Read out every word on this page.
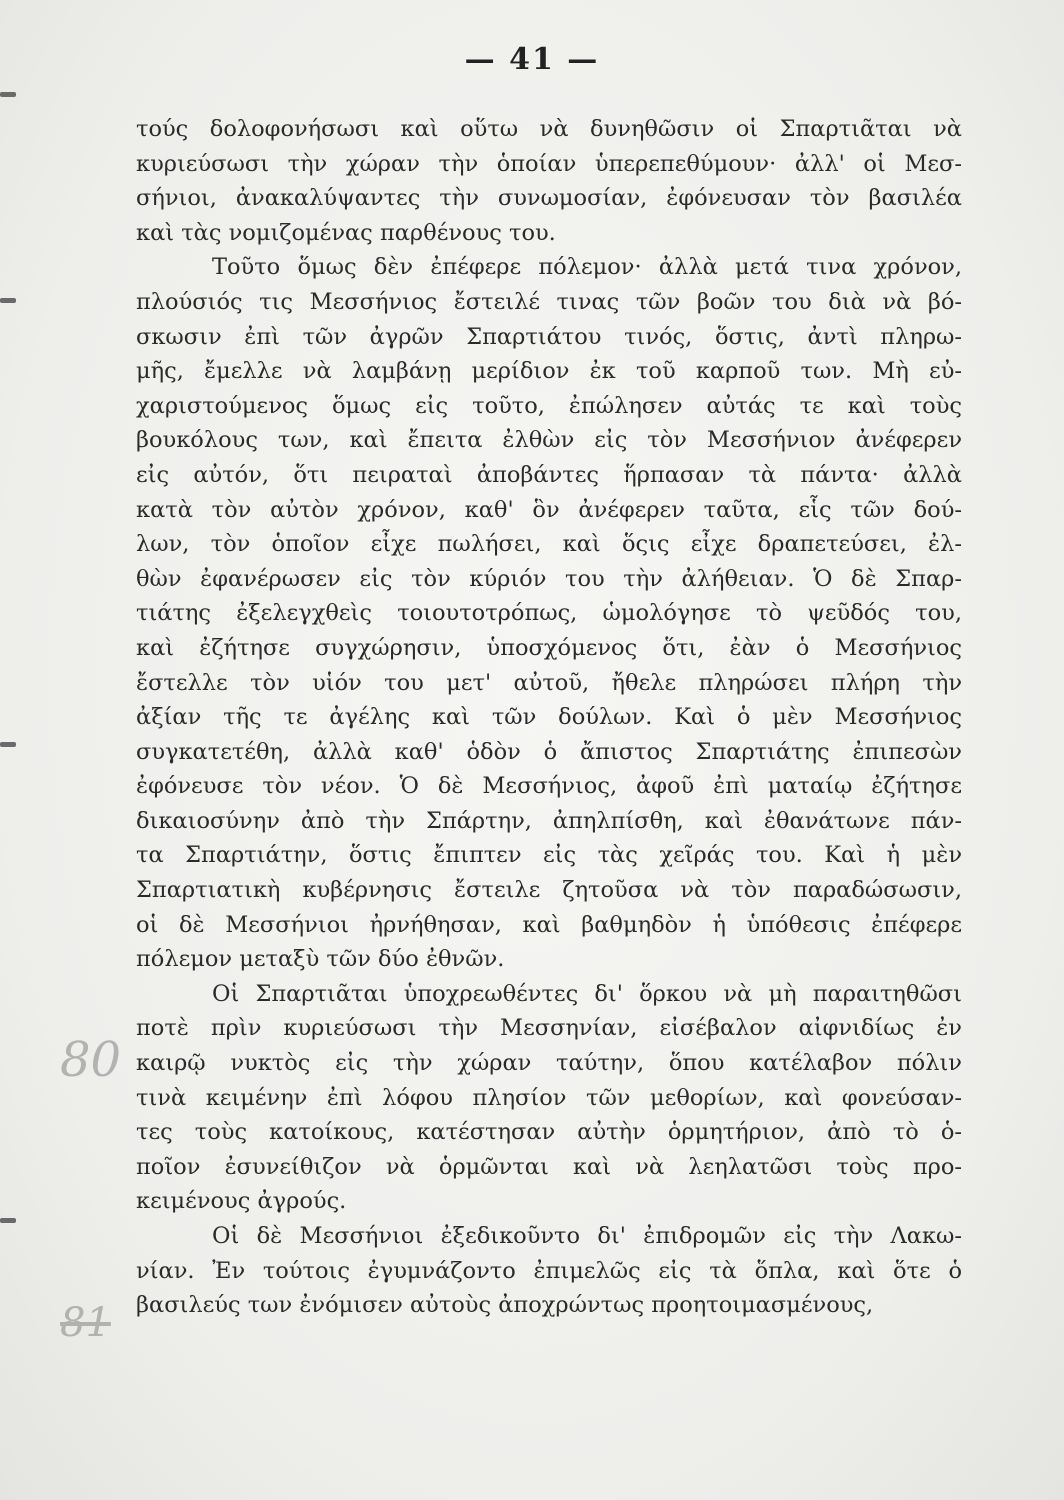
— 41 —
80
81
τούς δολοφονήσωσι καὶ οὕτω νὰ δυνηθῶσιν οἱ Σπαρτιᾶται νὰ
κυριεύσωσι τὴν χώραν τὴν ὁποίαν ὑπερεπεθύμουν· ἀλλ' οἱ Μεσ-
σήνιοι, ἀνακαλύψαντες τὴν συνωμοσίαν, ἐφόνευσαν τὸν βασιλέα
καὶ τὰς νομιζομένας παρθένους του.
Τοῦτο ὅμως δὲν ἐπέφερε πόλεμον· ἀλλὰ μετά τινα χρόνον,
πλούσιός τις Μεσσήνιος ἔστειλέ τινας τῶν βοῶν του διὰ νὰ βό-
σκωσιν ἐπὶ τῶν ἀγρῶν Σπαρτιάτου τινός, ὅστις, ἀντὶ πληρω-
μῆς, ἔμελλε νὰ λαμβάνῃ μερίδιον ἐκ τοῦ καρποῦ των. Μὴ εὐ-
χαριστούμενος ὅμως εἰς τοῦτο, ἐπώλησεν αὐτάς τε καὶ τοὺς
βουκόλους των, καὶ ἔπειτα ἐλθὼν εἰς τὸν Μεσσήνιον ἀνέφερεν
εἰς αὐτόν, ὅτι πειραταὶ ἀποβάντες ἥρπασαν τὰ πάντα· ἀλλὰ
κατὰ τὸν αὐτὸν χρόνον, καθ' ὃν ἀνέφερεν ταῦτα, εἷς τῶν δού-
λων, τὸν ὁποῖον εἶχε πωλήσει, καὶ ὅςις εἶχε δραπετεύσει, ἐλ-
θὼν ἐφανέρωσεν εἰς τὸν κύριόν του τὴν ἀλήθειαν. Ὁ δὲ Σπαρ-
τιάτης ἐξελεγχθεὶς τοιουτοτρόπως, ὡμολόγησε τὸ ψεῦδός του,
καὶ ἐζήτησε συγχώρησιν, ὑποσχόμενος ὅτι, ἐὰν ὁ Μεσσήνιος
ἔστελλε τὸν υἱόν του μετ' αὐτοῦ, ἤθελε πληρώσει πλήρη τὴν
ἀξίαν τῆς τε ἀγέλης καὶ τῶν δούλων. Καὶ ὁ μὲν Μεσσήνιος
συγκατετέθη, ἀλλὰ καθ' ὁδὸν ὁ ἄπιστος Σπαρτιάτης ἐπιπεσὼν
ἐφόνευσε τὸν νέον. Ὁ δὲ Μεσσήνιος, ἀφοῦ ἐπὶ ματαίῳ ἐζήτησε
δικαιοσύνην ἀπὸ τὴν Σπάρτην, ἀπηλπίσθη, καὶ ἐθανάτωνε πάν-
τα Σπαρτιάτην, ὅστις ἔπιπτεν εἰς τὰς χεῖράς του. Καὶ ἡ μὲν
Σπαρτιατικὴ κυβέρνησις ἔστειλε ζητοῦσα νὰ τὸν παραδώσωσιν,
οἱ δὲ Μεσσήνιοι ἠρνήθησαν, καὶ βαθμηδὸν ἡ ὑπόθεσις ἐπέφερε
πόλεμον μεταξὺ τῶν δύο ἐθνῶν.
Οἱ Σπαρτιᾶται ὑποχρεωθέντες δι' ὅρκου νὰ μὴ παραιτηθῶσι
ποτὲ πρὶν κυριεύσωσι τὴν Μεσσηνίαν, εἰσέβαλον αἰφνιδίως ἐν
καιρῷ νυκτὸς εἰς τὴν χώραν ταύτην, ὅπου κατέλαβον πόλιν
τινὰ κειμένην ἐπὶ λόφου πλησίον τῶν μεθορίων, καὶ φονεύσαν-
τες τοὺς κατοίκους, κατέστησαν αὐτὴν ὁρμητήριον, ἀπὸ τὸ ὁ-
ποῖον ἐσυνείθιζον νὰ ὁρμῶνται καὶ νὰ λεηλατῶσι τοὺς προ-
κειμένους ἀγρούς.
Οἱ δὲ Μεσσήνιοι ἐξεδικοῦντο δι' ἐπιδρομῶν εἰς τὴν Λακω-
νίαν. Ἐν τούτοις ἐγυμνάζοντο ἐπιμελῶς εἰς τὰ ὅπλα, καὶ ὅτε ὁ
βασιλεύς των ἐνόμισεν αὐτοὺς ἀποχρώντως προητοιμασμένους,
